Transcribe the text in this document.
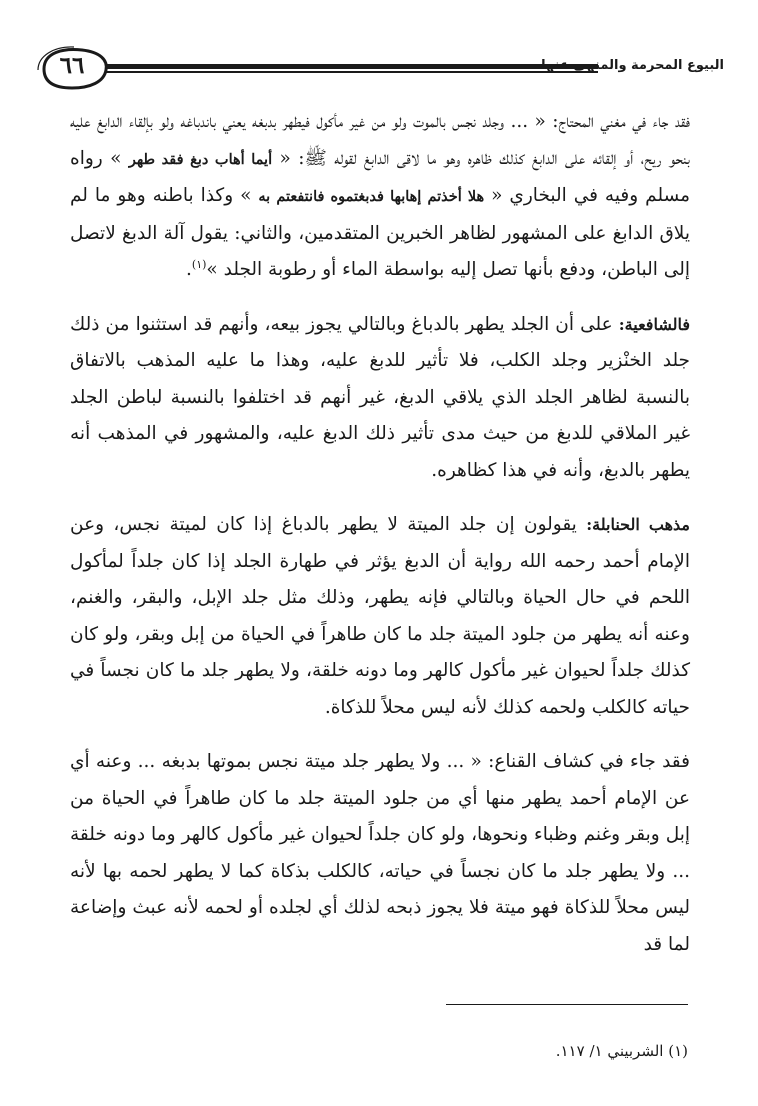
٦٦	البيوع المحرمة والمنهي عنها

فقد جاء في مغني المحتاج: « ... وجلد نجس بالموت ولو من غير مأكول فيطهر بدبغه يعني باندباغه ولو بإلقاء الدابغ عليه بنحو ريح، أو إلقائه على الدابغ كذلك ظاهره وهو ما لاقى الدابغ لقوله ﷺ: « أيما أهاب دبغ فقد طهر » رواه مسلم وفيه في البخاري « هلا أخذتم إهابها فدبغتموه فانتفعتم به » وكذا باطنه وهو ما لم يلاق الدابغ على المشهور لظاهر الخبرين المتقدمين، والثاني: يقول آلة الدبغ لاتصل إلى الباطن، ودفع بأنها تصل إليه بواسطة الماء أو رطوبة الجلد »$^{(١)}$.

فالشافعية: على أن الجلد يطهر بالدباغ وبالتالي يجوز بيعه، وأنهم قد استثنوا من ذلك جلد الخنْزير وجلد الكلب، فلا تأثير للدبغ عليه، وهذا ما عليه المذهب بالاتفاق بالنسبة لظاهر الجلد الذي يلاقي الدبغ، غير أنهم قد اختلفوا بالنسبة لباطن الجلد غير الملاقي للدبغ من حيث مدى تأثير ذلك الدبغ عليه، والمشهور في المذهب أنه يطهر بالدبغ، وأنه في هذا كظاهره.

مذهب الحنابلة: يقولون إن جلد الميتة لا يطهر بالدباغ إذا كان لميتة نجس، وعن الإمام أحمد رحمه الله رواية أن الدبغ يؤثر في طهارة الجلد إذا كان جلداً لمأكول اللحم في حال الحياة وبالتالي فإنه يطهر، وذلك مثل جلد الإبل، والبقر، والغنم، وعنه أنه يطهر من جلود الميتة جلد ما كان طاهراً في الحياة من إبل وبقر، ولو كان كذلك جلداً لحيوان غير مأكول كالهر وما دونه خلقة، ولا يطهر جلد ما كان نجساً في حياته كالكلب ولحمه كذلك لأنه ليس محلاً للذكاة.

فقد جاء في كشاف القناع: « ... ولا يطهر جلد ميتة نجس بموتها بدبغه ... وعنه أي عن الإمام أحمد يطهر منها أي من جلود الميتة جلد ما كان طاهراً في الحياة من إبل وبقر وغنم وظباء ونحوها، ولو كان جلداً لحيوان غير مأكول كالهر وما دونه خلقة ... ولا يطهر جلد ما كان نجساً في حياته، كالكلب بذكاة كما لا يطهر لحمه بها لأنه ليس محلاً للذكاة فهو ميتة فلا يجوز ذبحه لذلك أي لجلده أو لحمه لأنه عبث وإضاعة لما قد

(١) الشربيني ١/ ١١٧.
